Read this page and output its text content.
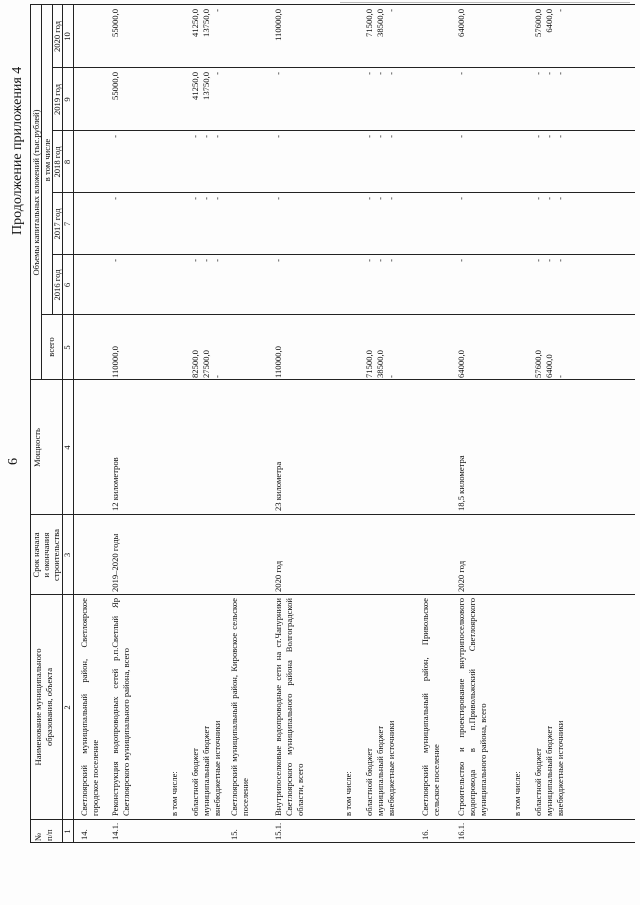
6
Продолжение приложения 4
№
п/п
Наименование муниципального
образования, объекта
Срок начала
и окончания
строительства
Мощность
Объемы капитальных вложений (тыс.рублей)
всего
в том числе
2016 год
2017 год
2018 год
2019 год
2020 год
1
2
3
4
5
6
7
8
9
10
14.
Светлоярский муниципальный район, Светлоярское городское поселение
14.1.
Реконструкция водопроводных сетей р.п.Светлый Яр Светлоярского муниципального района, всего
2019–2020 годы
12 километров
110000,0
-
-
-
55000,0
55000,0
в том числе: областной бюджет
муниципальный бюджет
внебюджетные источники
82500,0
27500,0
-
-
-
-
-
-
-
-
-
-
41250,0
13750,0
-
41250,0
13750,0
-
15.
Светлоярский муниципальный район, Кировское сельское поселение
15.1.
Внутрипоселковые водопроводные сети на ст.Чапурники Светлоярского муниципального района Волгоградской области, всего
2020 год
23 километра
110000,0
-
-
-
-
110000,0
в том числе: областной бюджет
муниципальный бюджет
внебюджетные источники
71500,0
38500,0
-
-
-
-
-
-
-
-
-
-
-
-
-
71500,0
38500,0
-
16.
Светлоярский муниципальный район, Привольское сельское поселение
16.1.
Строительство и проектирование внутрипоселкового водопровода в п.Привольжский Светлоярского муниципального района, всего
2020 год
18,5 километра
64000,0
-
-
-
-
64000,0
в том числе: областной бюджет
муниципальный бюджет
внебюджетные источники
57600,0
6400,0
-
-
-
-
-
-
-
-
-
-
-
-
-
57600,0
6400,0
-
